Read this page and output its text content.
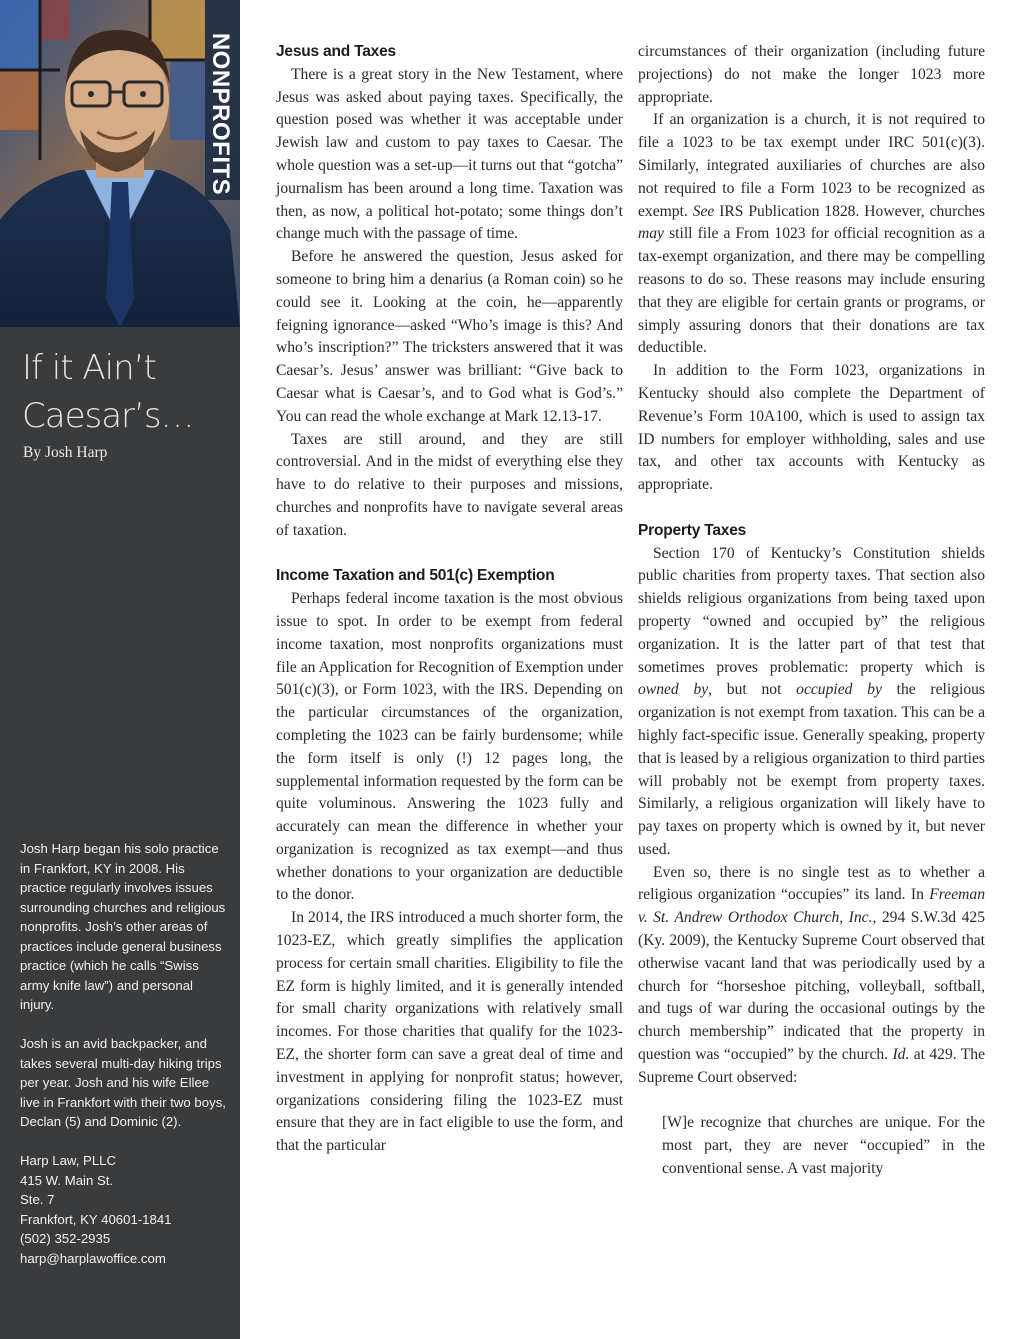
NONPROFITS
If it Ain’t
Caesar’s…
By Josh Harp

Josh Harp began his solo practice in Frankfort, KY in 2008. His practice regularly involves issues surrounding churches and religious nonprofits. Josh’s other areas of practices include general business practice (which he calls “Swiss army knife law”) and personal injury.

Josh is an avid backpacker, and takes several multi-day hiking trips per year. Josh and his wife Ellee live in Frankfort with their two boys, Declan (5) and Dominic (2).

Harp Law, PLLC
415 W. Main St.
Ste. 7
Frankfort, KY 40601-1841
(502) 352-2935
harp@harplawoffice.com
Jesus and Taxes

There is a great story in the New Testament, where Jesus was asked about paying taxes. Specifically, the question posed was whether it was acceptable under Jewish law and custom to pay taxes to Caesar. The whole question was a set-up—it turns out that “gotcha” journalism has been around a long time. Taxation was then, as now, a political hot-potato; some things don’t change much with the passage of time.

Before he answered the question, Jesus asked for someone to bring him a denarius (a Roman coin) so he could see it. Looking at the coin, he—apparently feigning ignorance—asked “Who’s image is this? And who’s inscription?” The tricksters answered that it was Caesar’s. Jesus’ answer was brilliant: “Give back to Caesar what is Caesar’s, and to God what is God’s.” You can read the whole exchange at Mark 12.13-17.

Taxes are still around, and they are still controversial. And in the midst of everything else they have to do relative to their purposes and missions, churches and nonprofits have to navigate several areas of taxation.

Income Taxation and 501(c) Exemption

Perhaps federal income taxation is the most obvious issue to spot. In order to be exempt from federal income taxation, most nonprofits organizations must file an Application for Recognition of Exemption under 501(c)(3), or Form 1023, with the IRS. Depending on the particular circumstances of the organization, completing the 1023 can be fairly burdensome; while the form itself is only (!) 12 pages long, the supplemental information requested by the form can be quite voluminous. Answering the 1023 fully and accurately can mean the difference in whether your organization is recognized as tax exempt—and thus whether donations to your organization are deductible to the donor.

In 2014, the IRS introduced a much shorter form, the 1023-EZ, which greatly simplifies the application process for certain small charities. Eligibility to file the EZ form is highly limited, and it is generally intended for small charity organizations with relatively small incomes. For those charities that qualify for the 1023-EZ, the shorter form can save a great deal of time and investment in applying for nonprofit status; however, organizations considering filing the 1023-EZ must ensure that they are in fact eligible to use the form, and that the particular

circumstances of their organization (including future projections) do not make the longer 1023 more appropriate.

If an organization is a church, it is not required to file a 1023 to be tax exempt under IRC 501(c)(3). Similarly, integrated auxiliaries of churches are also not required to file a Form 1023 to be recognized as exempt. See IRS Publication 1828. However, churches may still file a From 1023 for official recognition as a tax-exempt organization, and there may be compelling reasons to do so. These reasons may include ensuring that they are eligible for certain grants or programs, or simply assuring donors that their donations are tax deductible.

In addition to the Form 1023, organizations in Kentucky should also complete the Department of Revenue’s Form 10A100, which is used to assign tax ID numbers for employer withholding, sales and use tax, and other tax accounts with Kentucky as appropriate.

Property Taxes

Section 170 of Kentucky’s Constitution shields public charities from property taxes. That section also shields religious organizations from being taxed upon property “owned and occupied by” the religious organization. It is the latter part of that test that sometimes proves problematic: property which is owned by, but not occupied by the religious organization is not exempt from taxation. This can be a highly fact-specific issue. Generally speaking, property that is leased by a religious organization to third parties will probably not be exempt from property taxes. Similarly, a religious organization will likely have to pay taxes on property which is owned by it, but never used.

Even so, there is no single test as to whether a religious organization “occupies” its land. In Freeman v. St. Andrew Orthodox Church, Inc., 294 S.W.3d 425 (Ky. 2009), the Kentucky Supreme Court observed that otherwise vacant land that was periodically used by a church for “horseshoe pitching, volleyball, softball, and tugs of war during the occasional outings by the church membership” indicated that the property in question was “occupied” by the church. Id. at 429. The Supreme Court observed:

[W]e recognize that churches are unique. For the most part, they are never “occupied” in the conventional sense. A vast majority
